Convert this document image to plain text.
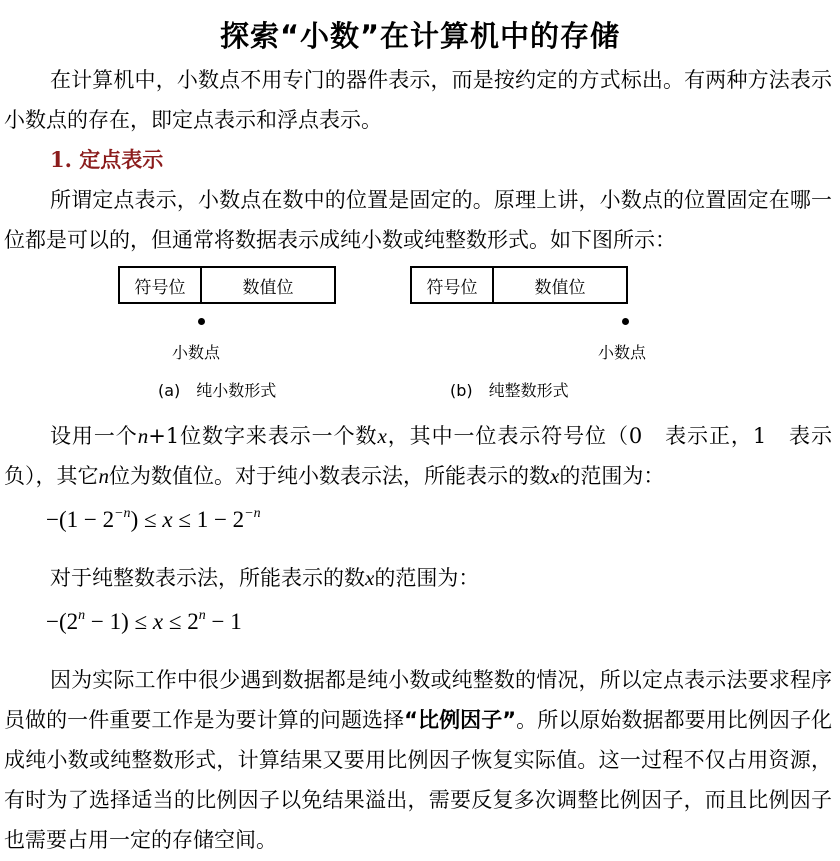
探索“小数”在计算机中的存储

在计算机中，小数点不用专门的器件表示，而是按约定的方式标出。有两种方法表示小数点的存在，即定点表示和浮点表示。

1. 定点表示

所谓定点表示，小数点在数中的位置是固定的。原理上讲，小数点的位置固定在哪一位都是可以的，但通常将数据表示成纯小数或纯整数形式。如下图所示：

符号位	数值位
小数点
(a)　纯小数形式
符号位	数值位
小数点
(b)　纯整数形式

设用一个n+1位数字来表示一个数x，其中一位表示符号位（0　表示正，1　表示负），其它n位为数值位。对于纯小数表示法，所能表示的数x的范围为：

$-(1 - 2^{-n}) \le x \le 1 - 2^{-n}$

对于纯整数表示法，所能表示的数x的范围为：

$-(2^n - 1) \le x \le 2^n - 1$

因为实际工作中很少遇到数据都是纯小数或纯整数的情况，所以定点表示法要求程序员做的一件重要工作是为要计算的问题选择“比例因子”。所以原始数据都要用比例因子化成纯小数或纯整数形式，计算结果又要用比例因子恢复实际值。这一过程不仅占用资源，有时为了选择适当的比例因子以免结果溢出，需要反复多次调整比例因子，而且比例因子也需要占用一定的存储空间。
